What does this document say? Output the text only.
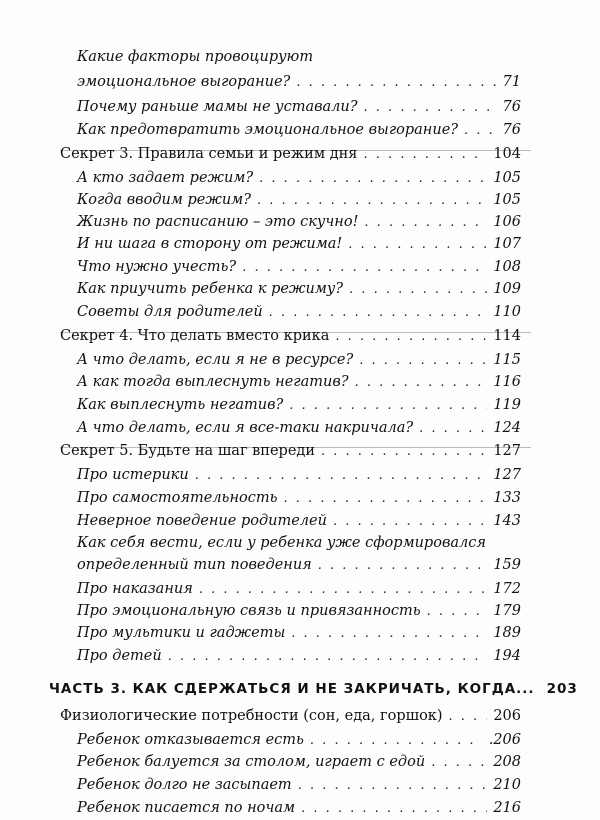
Какие факторы провоцируют
эмоциональное выгорание? . . .	71
Почему раньше мамы не уставали? . . .	76
Как предотвратить эмоциональное выгорание? . . .	76
Секрет 3. Правила семьи и режим дня . . .	104
А кто задает режим? . . .	105
Когда вводим режим? . . .	105
Жизнь по расписанию – это скучно! . . .	106
И ни шага в сторону от режима! . . .	107
Что нужно учесть? . . .	108
Как приучить ребенка к режиму? . . .	109
Советы для родителей . . .	110
Секрет 4. Что делать вместо крика . . .	114
А что делать, если я не в ресурсе? . . .	115
А как тогда выплеснуть негатив? . . .	116
Как выплеснуть негатив? . . .	119
А что делать, если я все-таки накричала? . . .	124
Секрет 5. Будьте на шаг впереди . . .	127
Про истерики . . .	127
Про самостоятельность . . .	133
Неверное поведение родителей . . .	143
Как себя вести, если у ребенка уже сформировался
определенный тип поведения . . .	159
Про наказания . . .	172
Про эмоциональную связь и привязанность . . .	179
Про мультики и гаджеты . . .	189
Про детей . . .	194
ЧАСТЬ 3. КАК СДЕРЖАТЬСЯ И НЕ ЗАКРИЧАТЬ, КОГДА... 203
Физиологические потребности (сон, еда, горшок) . . .	206
Ребенок отказывается есть . . .	.206
Ребенок балуется за столом, играет с едой . . .	208
Ребенок долго не засыпает . . .	210
Ребенок писается по ночам . . .	216
